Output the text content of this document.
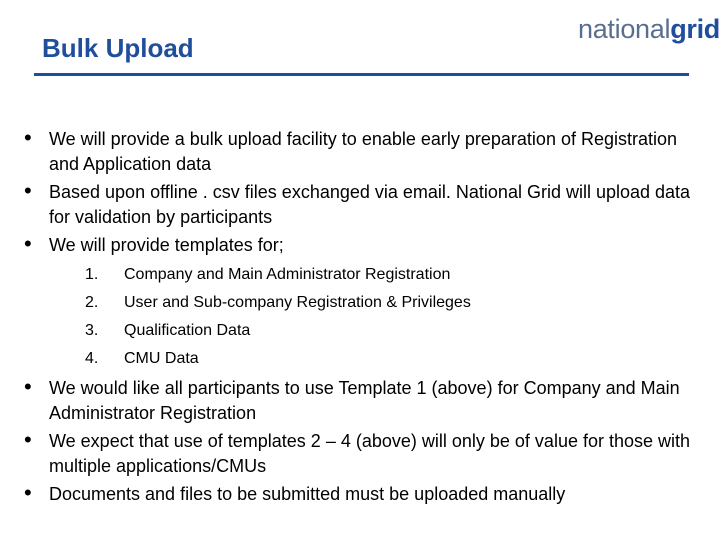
Bulk Upload
nationalgrid
• We will provide a bulk upload facility to enable early preparation of Registration and Application data
• Based upon offline . csv files exchanged via email. National Grid will upload data for validation by participants
• We will provide templates for;
1. Company and Main Administrator Registration
2. User and Sub-company Registration & Privileges
3. Qualification Data
4. CMU Data
• We would like all participants to use Template 1 (above) for Company and Main Administrator Registration
• We expect that use of templates 2 – 4 (above) will only be of value for those with multiple applications/CMUs
• Documents and files to be submitted must be uploaded manually
